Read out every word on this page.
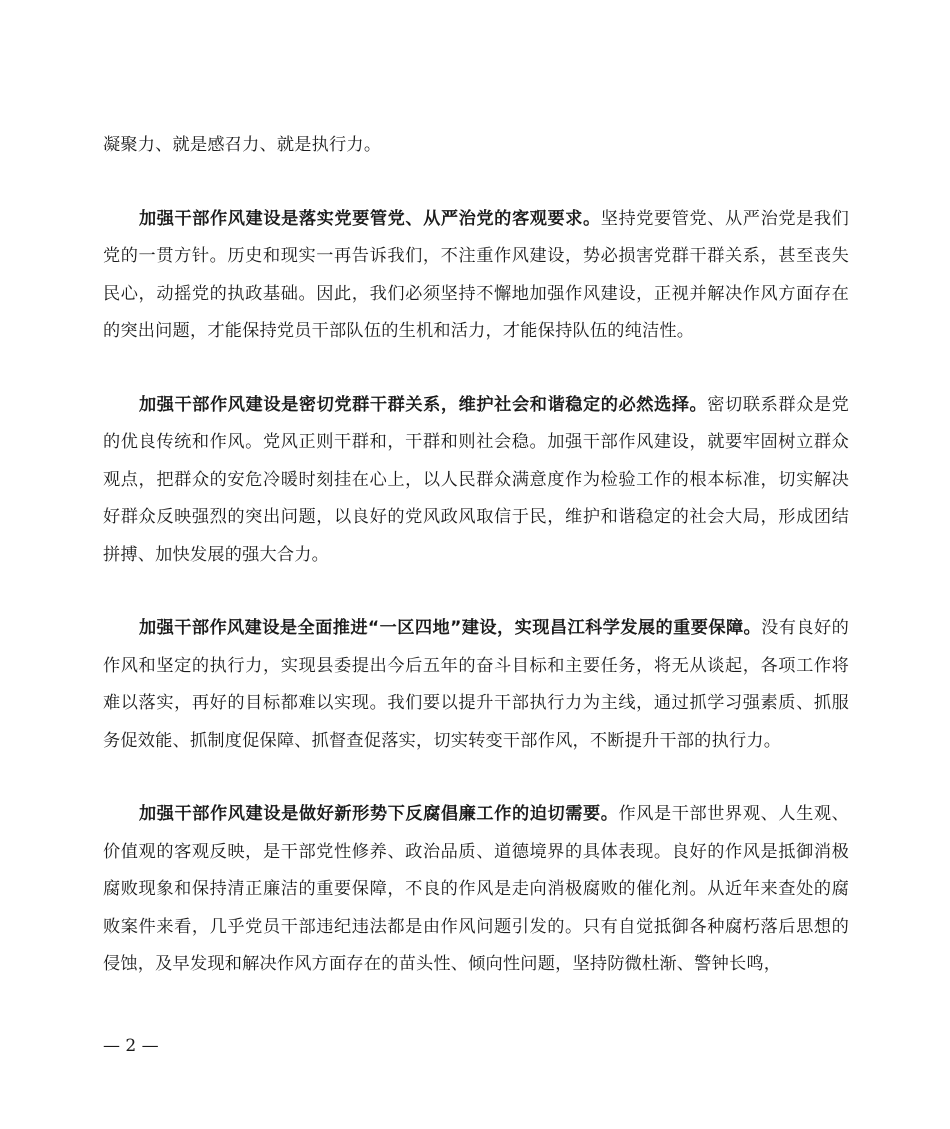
凝聚力、就是感召力、就是执行力。

加强干部作风建设是落实党要管党、从严治党的客观要求。坚持党要管党、从严治党是我们党的一贯方针。历史和现实一再告诉我们，不注重作风建设，势必损害党群干群关系，甚至丧失民心，动摇党的执政基础。因此，我们必须坚持不懈地加强作风建设，正视并解决作风方面存在的突出问题，才能保持党员干部队伍的生机和活力，才能保持队伍的纯洁性。

加强干部作风建设是密切党群干群关系，维护社会和谐稳定的必然选择。密切联系群众是党的优良传统和作风。党风正则干群和，干群和则社会稳。加强干部作风建设，就要牢固树立群众观点，把群众的安危冷暖时刻挂在心上，以人民群众满意度作为检验工作的根本标准，切实解决好群众反映强烈的突出问题，以良好的党风政风取信于民，维护和谐稳定的社会大局，形成团结拼搏、加快发展的强大合力。

加强干部作风建设是全面推进“一区四地”建设，实现昌江科学发展的重要保障。没有良好的作风和坚定的执行力，实现县委提出今后五年的奋斗目标和主要任务，将无从谈起，各项工作将难以落实，再好的目标都难以实现。我们要以提升干部执行力为主线，通过抓学习强素质、抓服务促效能、抓制度促保障、抓督查促落实，切实转变干部作风，不断提升干部的执行力。

加强干部作风建设是做好新形势下反腐倡廉工作的迫切需要。作风是干部世界观、人生观、价值观的客观反映，是干部党性修养、政治品质、道德境界的具体表现。良好的作风是抵御消极腐败现象和保持清正廉洁的重要保障，不良的作风是走向消极腐败的催化剂。从近年来查处的腐败案件来看，几乎党员干部违纪违法都是由作风问题引发的。只有自觉抵御各种腐朽落后思想的侵蚀，及早发现和解决作风方面存在的苗头性、倾向性问题，坚持防微杜渐、警钟长鸣，

— 2 —
